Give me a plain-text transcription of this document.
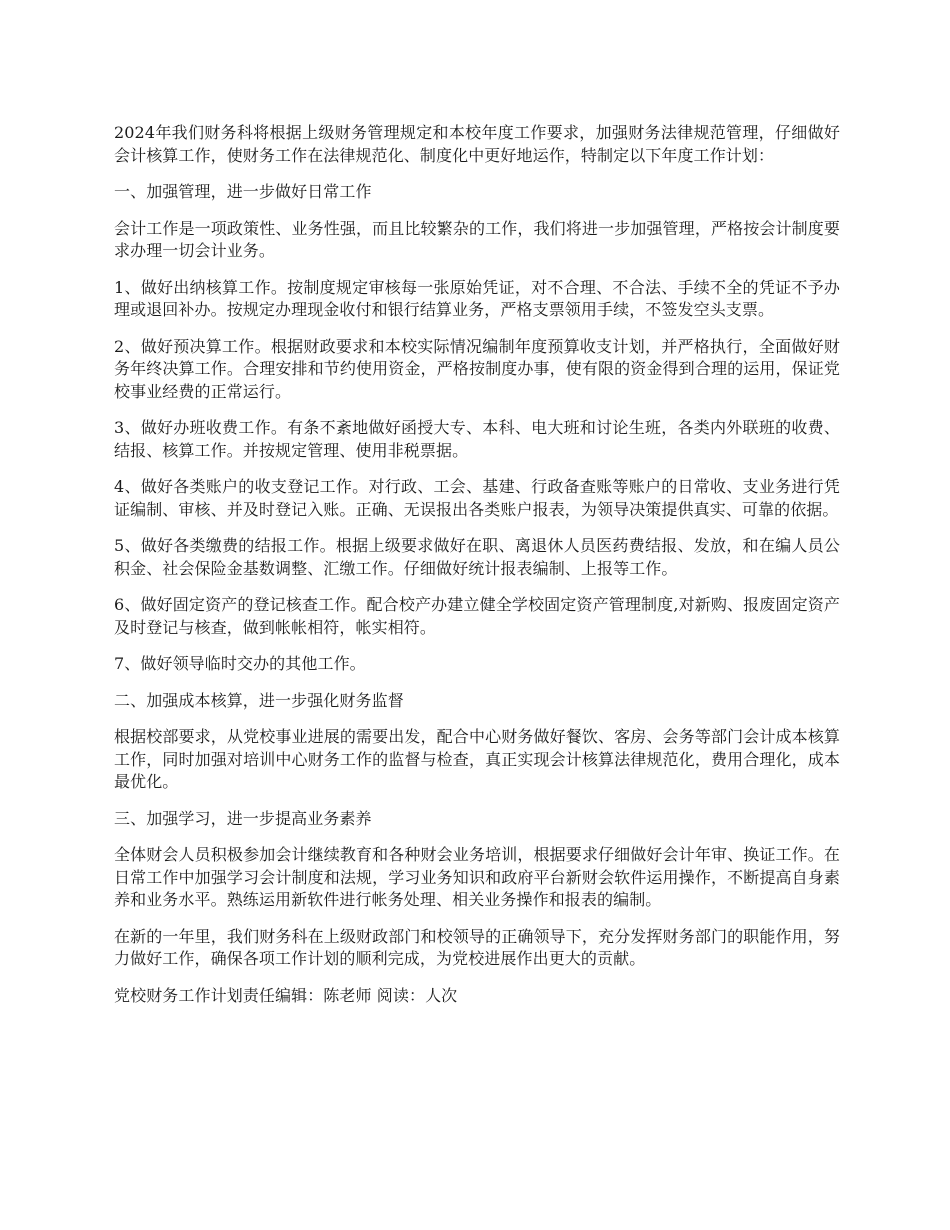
2024年我们财务科将根据上级财务管理规定和本校年度工作要求，加强财务法律规范管理，仔细做好会计核算工作，使财务工作在法律规范化、制度化中更好地运作，特制定以下年度工作计划：

一、加强管理，进一步做好日常工作

会计工作是一项政策性、业务性强，而且比较繁杂的工作，我们将进一步加强管理，严格按会计制度要求办理一切会计业务。

1、做好出纳核算工作。按制度规定审核每一张原始凭证，对不合理、不合法、手续不全的凭证不予办理或退回补办。按规定办理现金收付和银行结算业务，严格支票领用手续，不签发空头支票。

2、做好预决算工作。根据财政要求和本校实际情况编制年度预算收支计划，并严格执行，全面做好财务年终决算工作。合理安排和节约使用资金，严格按制度办事，使有限的资金得到合理的运用，保证党校事业经费的正常运行。

3、做好办班收费工作。有条不紊地做好函授大专、本科、电大班和讨论生班，各类内外联班的收费、结报、核算工作。并按规定管理、使用非税票据。

4、做好各类账户的收支登记工作。对行政、工会、基建、行政备查账等账户的日常收、支业务进行凭证编制、审核、并及时登记入账。正确、无误报出各类账户报表，为领导决策提供真实、可靠的依据。

5、做好各类缴费的结报工作。根据上级要求做好在职、离退休人员医药费结报、发放，和在编人员公积金、社会保险金基数调整、汇缴工作。仔细做好统计报表编制、上报等工作。

6、做好固定资产的登记核查工作。配合校产办建立健全学校固定资产管理制度,对新购、报废固定资产及时登记与核查，做到帐帐相符，帐实相符。

7、做好领导临时交办的其他工作。

二、加强成本核算，进一步强化财务监督

根据校部要求，从党校事业进展的需要出发，配合中心财务做好餐饮、客房、会务等部门会计成本核算工作，同时加强对培训中心财务工作的监督与检查，真正实现会计核算法律规范化，费用合理化，成本最优化。

三、加强学习，进一步提高业务素养

全体财会人员积极参加会计继续教育和各种财会业务培训，根据要求仔细做好会计年审、换证工作。在日常工作中加强学习会计制度和法规，学习业务知识和政府平台新财会软件运用操作，不断提高自身素养和业务水平。熟练运用新软件进行帐务处理、相关业务操作和报表的编制。

在新的一年里，我们财务科在上级财政部门和校领导的正确领导下，充分发挥财务部门的职能作用，努力做好工作，确保各项工作计划的顺利完成，为党校进展作出更大的贡献。

党校财务工作计划责任编辑：陈老师 阅读：人次
